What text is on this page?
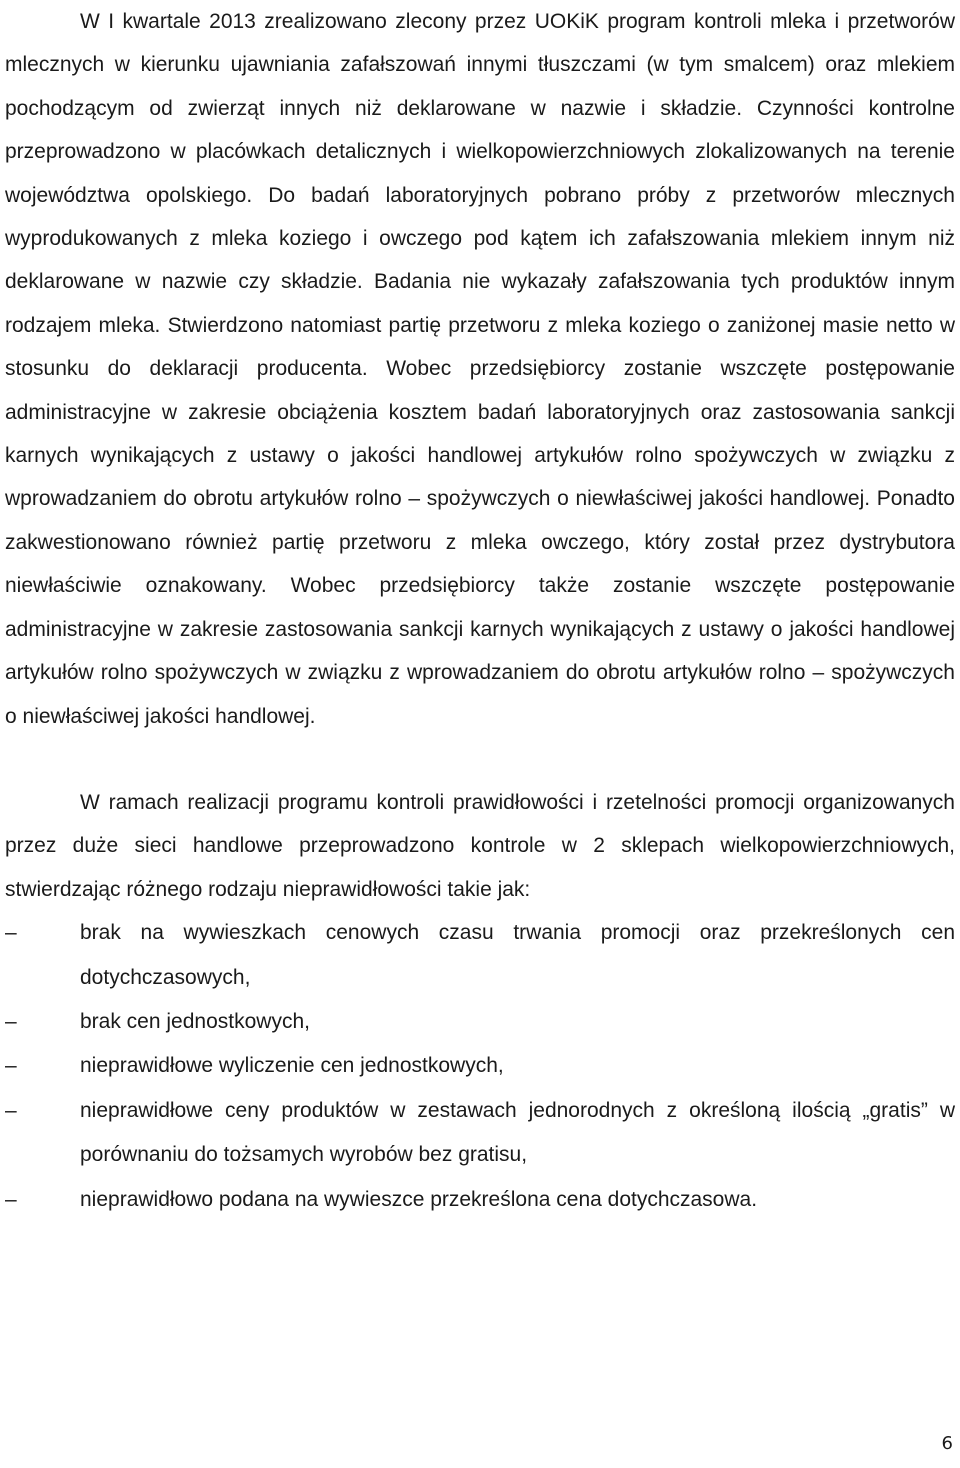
W I kwartale 2013 zrealizowano zlecony przez UOKiK program kontroli mleka i przetworów mlecznych w kierunku ujawniania zafałszowań innymi tłuszczami (w tym smalcem) oraz mlekiem pochodzącym od zwierząt innych niż deklarowane w nazwie i składzie. Czynności kontrolne przeprowadzono w placówkach detalicznych i wielkopowierzchniowych zlokalizowanych na terenie województwa opolskiego. Do badań laboratoryjnych pobrano próby z przetworów mlecznych wyprodukowanych z mleka koziego i owczego pod kątem ich zafałszowania mlekiem innym niż deklarowane w nazwie czy składzie. Badania nie wykazały zafałszowania tych produktów innym rodzajem mleka. Stwierdzono natomiast partię przetworu z mleka koziego o zaniżonej masie netto w stosunku do deklaracji producenta. Wobec przedsiębiorcy zostanie wszczęte postępowanie administracyjne w zakresie obciążenia kosztem badań laboratoryjnych oraz zastosowania sankcji karnych wynikających z ustawy o jakości handlowej artykułów rolno spożywczych w związku z wprowadzaniem do obrotu artykułów rolno – spożywczych o niewłaściwej jakości handlowej. Ponadto zakwestionowano również partię przetworu z mleka owczego, który został przez dystrybutora niewłaściwie oznakowany. Wobec przedsiębiorcy także zostanie wszczęte postępowanie administracyjne w zakresie zastosowania sankcji karnych wynikających z ustawy o jakości handlowej artykułów rolno spożywczych w związku z wprowadzaniem do obrotu artykułów rolno – spożywczych o niewłaściwej jakości handlowej.

W ramach realizacji programu kontroli prawidłowości i rzetelności promocji organizowanych przez duże sieci handlowe przeprowadzono kontrole w 2 sklepach wielkopowierzchniowych, stwierdzając różnego rodzaju nieprawidłowości takie jak:

–	brak na wywieszkach cenowych czasu trwania promocji oraz przekreślonych cen dotychczasowych,
–	brak cen jednostkowych,
–	nieprawidłowe wyliczenie cen jednostkowych,
–	nieprawidłowe ceny produktów w zestawach jednorodnych z określoną ilością „gratis” w porównaniu do tożsamych wyrobów bez gratisu,
–	nieprawidłowo podana na wywieszce przekreślona cena dotychczasowa.
6
